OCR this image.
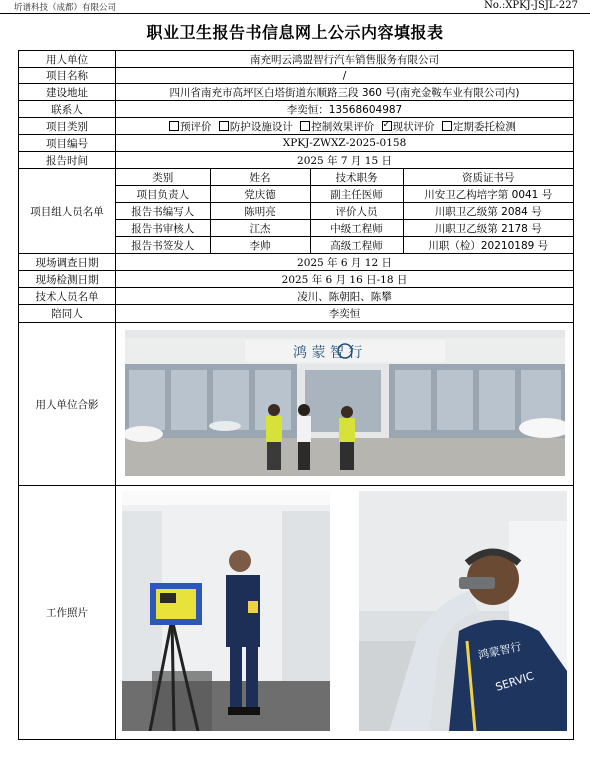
圻谱科技（成都）有限公司	No.:XPKJ-JSJL-227
职业卫生报告书信息网上公示内容填报表
用人单位	南充明云鸿盟智行汽车销售服务有限公司
项目名称	/
建设地址	四川省南充市高坪区白塔街道东顺路三段 360 号(南充金鞍车业有限公司内)
联系人	李奕恒：13568604987
项目类别	预评价 防护设施设计 控制效果评价 ✓ 现状评价 定期委托检测
项目编号	XPKJ-ZWXZ-2025-0158
报告时间	2025 年 7 月 15 日
项目组人员名单	
类别	姓名	技术职务	资质证书号
项目负责人	党庆德	副主任医师	川安卫乙构培字第 0041 号
报告书编写人	陈明亮	评价人员	川职卫乙级第 2084 号
报告书审核人	江杰	中级工程师	川职卫乙级第 2178 号
报告书签发人	李帅	高级工程师	川职（检）20210189 号

现场调查日期	2025 年 6 月 12 日
现场检测日期	2025 年 6 月 16 日-18 日
技术人员名单	凌川、陈朝阳、陈攀
陪同人	李奕恒
用人单位合影	
鸿 蒙 智 行

工作照片	
鸿蒙智行
SERVIC
